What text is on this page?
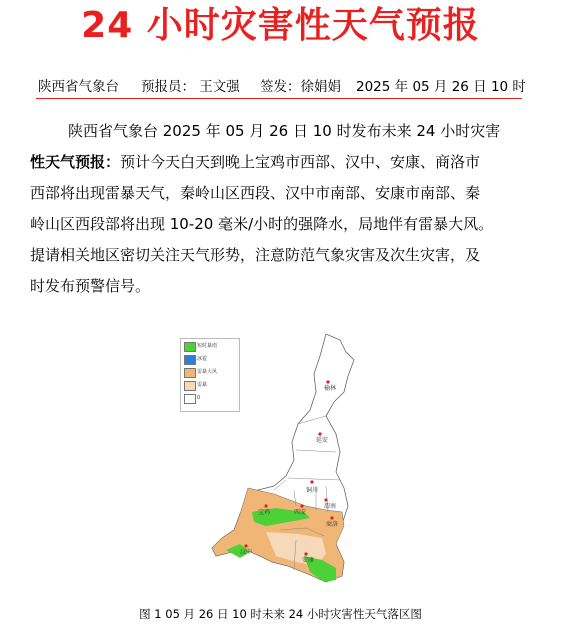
24 小时灾害性天气预报
陕西省气象台 预报员： 王文强 签发：徐娟娟 2025 年 05 月 26 日 10 时
陕西省气象台 2025 年 05 月 26 日 10 时发布未来 24 小时灾害
性天气预报：预计今天白天到晚上宝鸡市西部、汉中、安康、商洛市
西部将出现雷暴天气，秦岭山区西段、汉中市南部、安康市南部、秦
岭山区西段部将出现 10-20 毫米/小时的强降水，局地伴有雷暴大风。
提请相关地区密切关注天气形势，注意防范气象灾害及次生灾害，及
时发布预警信号。
榆林
延安
铜川
宝鸡	西安
渭南
商洛
汉中
安康
短时暴雨
冰雹
雷暴大风
雷暴
0
图 1 05 月 26 日 10 时未来 24 小时灾害性天气落区图
